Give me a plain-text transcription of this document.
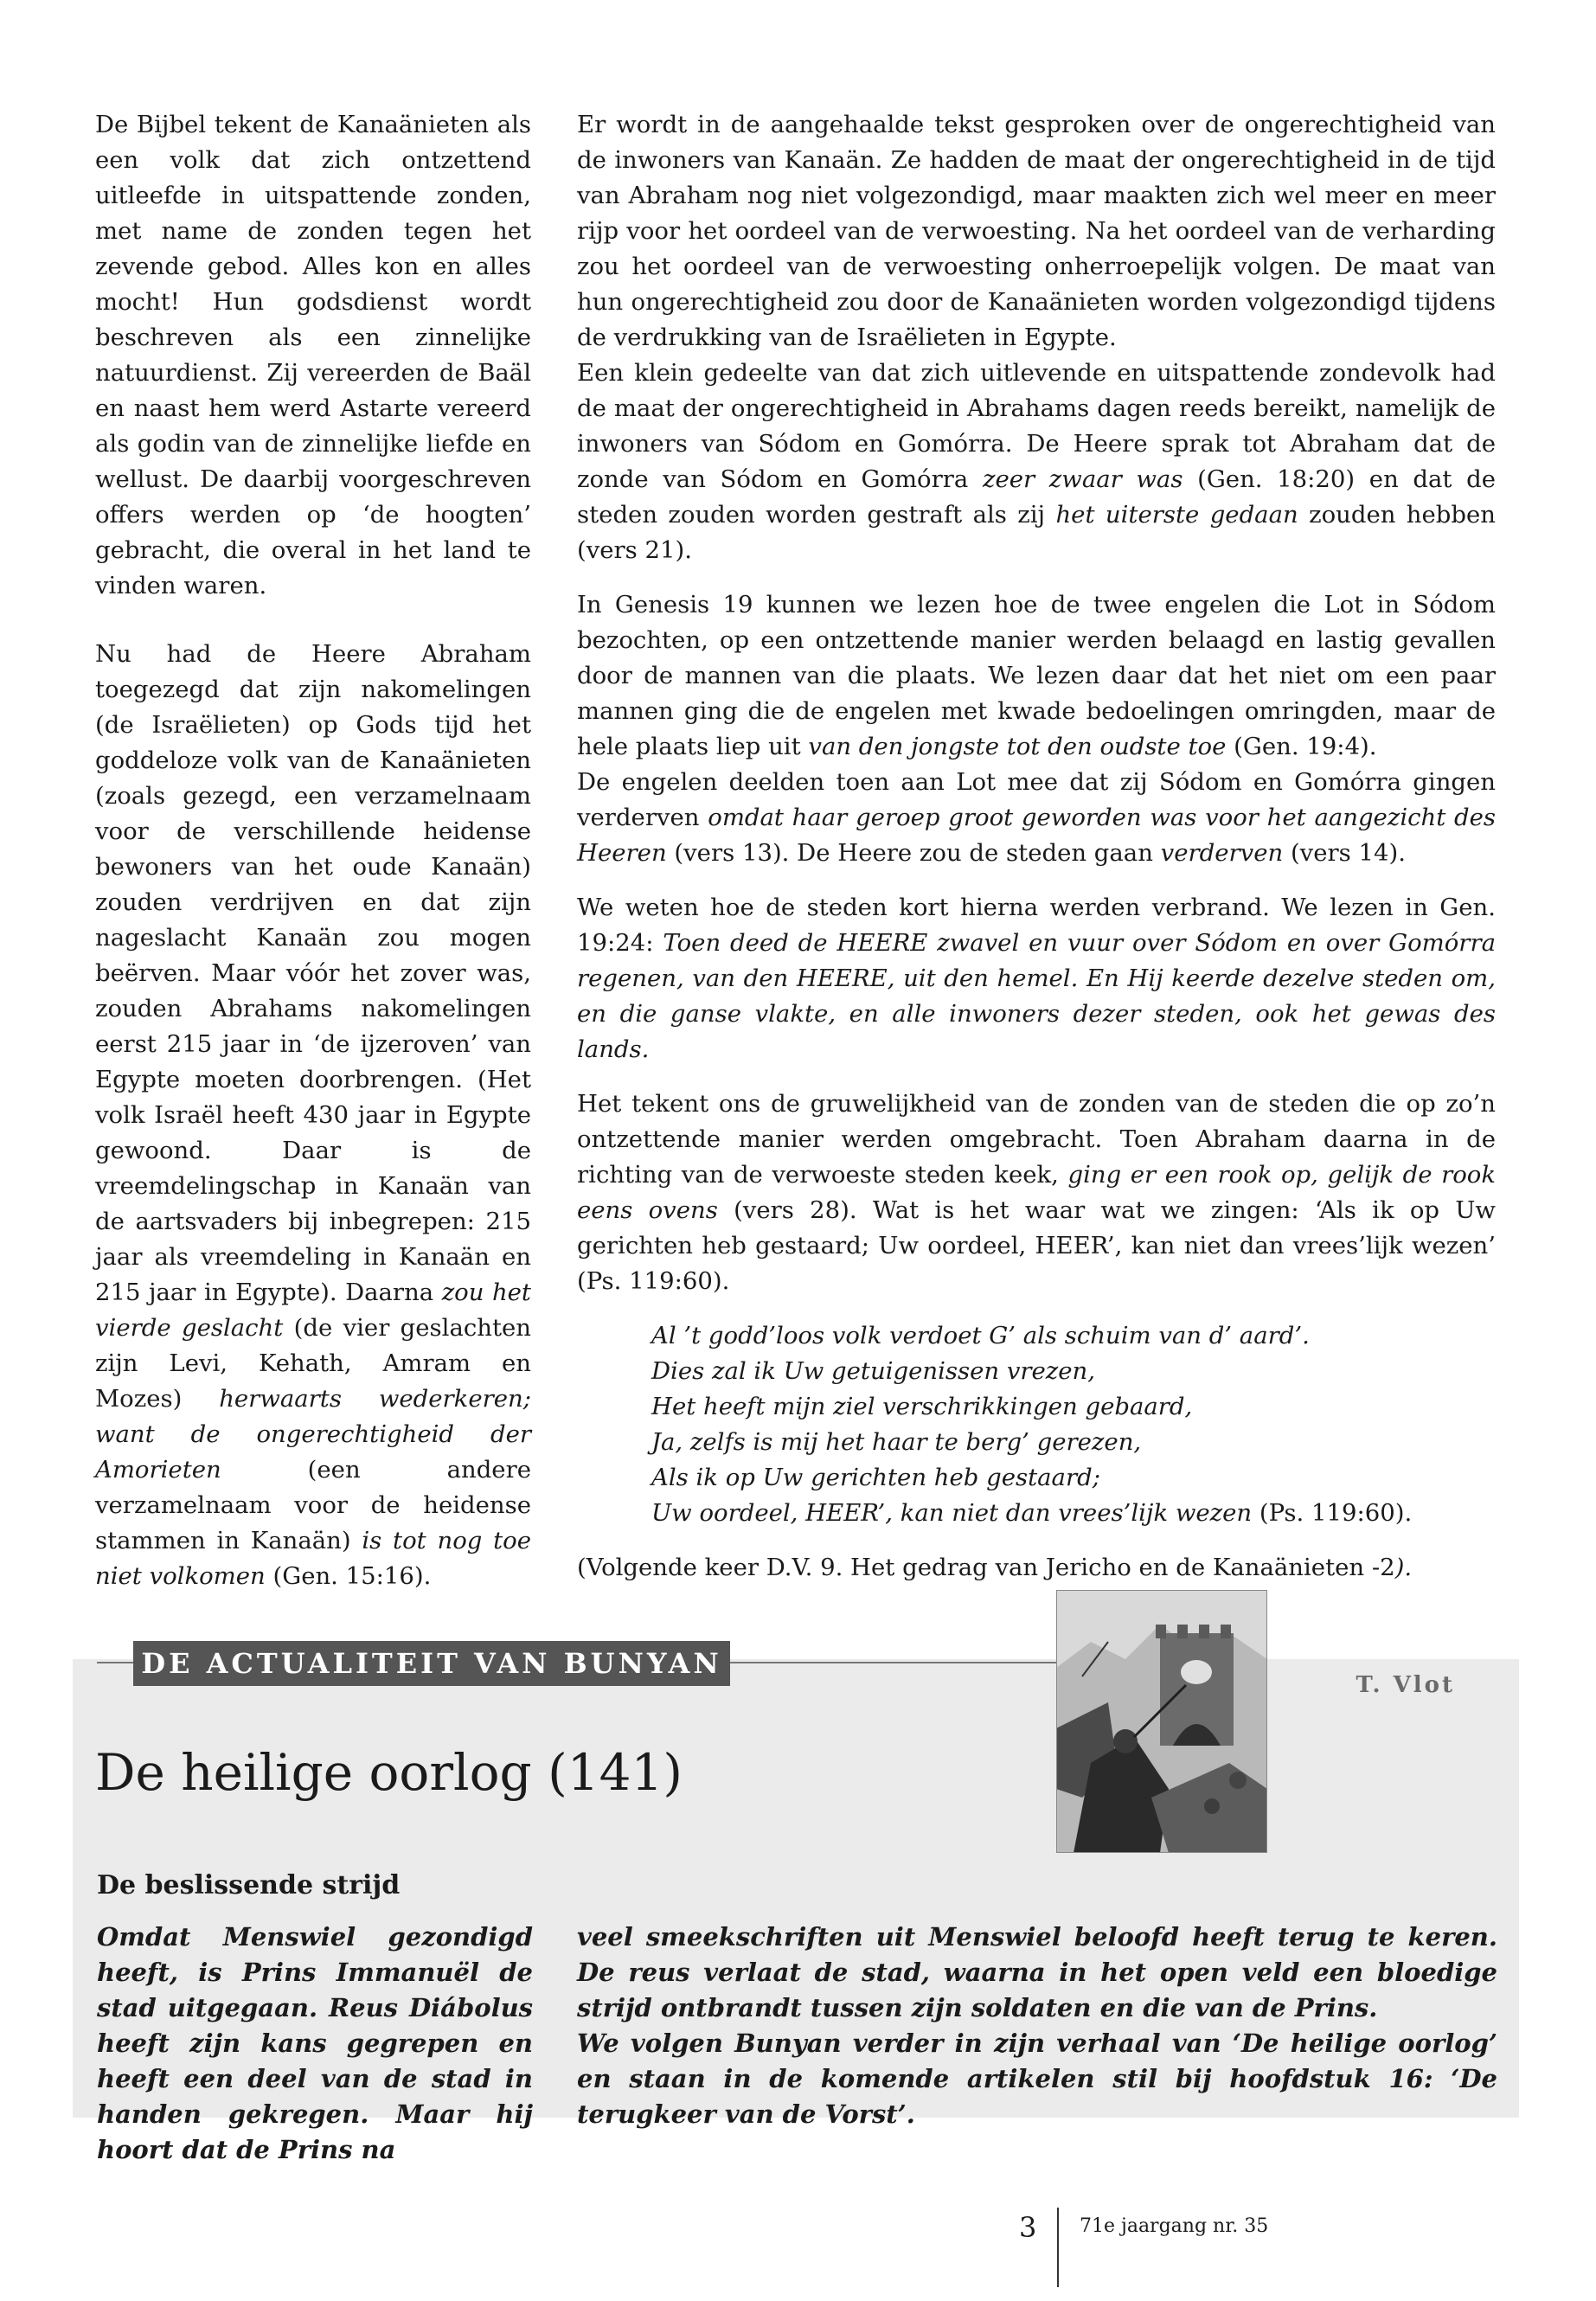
De Bijbel tekent de Kanaänieten als een volk dat zich ontzettend uitleefde in uitspattende zonden, met name de zonden tegen het zevende gebod. Alles kon en alles mocht! Hun godsdienst wordt beschreven als een zinnelijke natuurdienst. Zij vereerden de Baäl en naast hem werd Astarte vereerd als godin van de zinnelijke liefde en wellust. De daarbij voorgeschreven offers werden op ‘de hoogten’ gebracht, die overal in het land te vinden waren.

Nu had de Heere Abraham toegezegd dat zijn nakomelingen (de Israëlieten) op Gods tijd het goddeloze volk van de Kanaänieten (zoals gezegd, een verzamelnaam voor de verschillende heidense bewoners van het oude Kanaän) zouden verdrijven en dat zijn nageslacht Kanaän zou mogen beërven. Maar vóór het zover was, zouden Abrahams nakomelingen eerst 215 jaar in ‘de ijzeroven’ van Egypte moeten doorbrengen. (Het volk Israël heeft 430 jaar in Egypte gewoond. Daar is de vreemdelingschap in Kanaän van de aartsvaders bij inbegrepen: 215 jaar als vreemdeling in Kanaän en 215 jaar in Egypte). Daarna zou het vierde geslacht (de vier geslachten zijn Levi, Kehath, Amram en Mozes) herwaarts wederkeren; want de ongerechtigheid der Amorieten	(een andere verzamelnaam voor de heidense stammen in Kanaän) is tot nog toe niet volkomen (Gen. 15:16).

Er wordt in de aangehaalde tekst gesproken over de ongerechtigheid van de inwoners van Kanaän. Ze hadden de maat der ongerechtigheid in de tijd van Abraham nog niet volgezondigd, maar maakten zich wel meer en meer rijp voor het oordeel van de verwoesting. Na het oordeel van de verharding zou het oordeel van de verwoesting onherroepelijk volgen. De maat van hun ongerechtigheid zou door de Kanaänieten worden volgezondigd tijdens de verdrukking van de Israëlieten in Egypte.

Een klein gedeelte van dat zich uitlevende en uitspattende zondevolk had de maat der ongerechtigheid in Abrahams dagen reeds bereikt, namelijk de inwoners van Sódom en Gomórra. De Heere sprak tot Abraham dat de zonde van Sódom en Gomórra zeer zwaar was (Gen. 18:20) en dat de steden zouden worden gestraft als zij het uiterste gedaan zouden hebben (vers 21).

In Genesis 19 kunnen we lezen hoe de twee engelen die Lot in Sódom bezochten, op een ontzettende manier werden belaagd en lastig gevallen door de mannen van die plaats. We lezen daar dat het niet om een paar mannen ging die de engelen met kwade bedoelingen omringden, maar de hele plaats liep uit van den jongste tot den oudste toe (Gen. 19:4).

De engelen deelden toen aan Lot mee dat zij Sódom en Gomórra gingen verderven omdat haar geroep groot geworden was voor het aangezicht des Heeren (vers 13). De Heere zou de steden gaan verderven (vers 14).

We weten hoe de steden kort hierna werden verbrand. We lezen in Gen. 19:24: Toen deed de HEERE zwavel en vuur over Sódom en over Gomórra regenen, van den HEERE, uit den hemel. En Hij keerde dezelve steden om, en die ganse vlakte, en alle inwoners dezer steden, ook het gewas des lands.

Het tekent ons de gruwelijkheid van de zonden van de steden die op zo’n ontzettende manier werden omgebracht. Toen Abraham daarna in de richting van de verwoeste steden keek, ging er een rook op, gelijk de rook eens ovens (vers 28). Wat is het waar wat we zingen: ‘Als ik op Uw gerichten heb gestaard; Uw oordeel, HEER’, kan niet dan vrees’lijk wezen’ (Ps. 119:60).

Al ’t godd’loos volk verdoet G’ als schuim van d’ aard’.
Dies zal ik Uw getuigenissen vrezen,
Het heeft mijn ziel verschrikkingen gebaard,
Ja, zelfs is mij het haar te berg’ gerezen,
Als ik op Uw gerichten heb gestaard;
Uw oordeel, HEER’, kan niet dan vrees’lijk wezen (Ps. 119:60).

(Volgende keer D.V. 9. Het gedrag van Jericho en de Kanaänieten -2).

DE ACTUALITEIT VAN BUNYAN
T. Vlot
De heilige oorlog (141)
De beslissende strijd
Omdat Menswiel gezondigd heeft, is Prins Immanuël de stad uitgegaan. Reus Diábolus heeft zijn kans gegrepen en heeft een deel van de stad in handen gekregen. Maar hij hoort dat de Prins na
veel smeekschriften uit Menswiel beloofd heeft terug te keren. De reus verlaat de stad, waarna in het open veld een bloedige strijd ontbrandt tussen zijn soldaten en die van de Prins.
We volgen Bunyan verder in zijn verhaal van ‘De heilige oorlog’ en staan in de komende artikelen stil bij hoofdstuk 16: ‘De terugkeer van de Vorst’.
3 71e jaargang nr. 35
